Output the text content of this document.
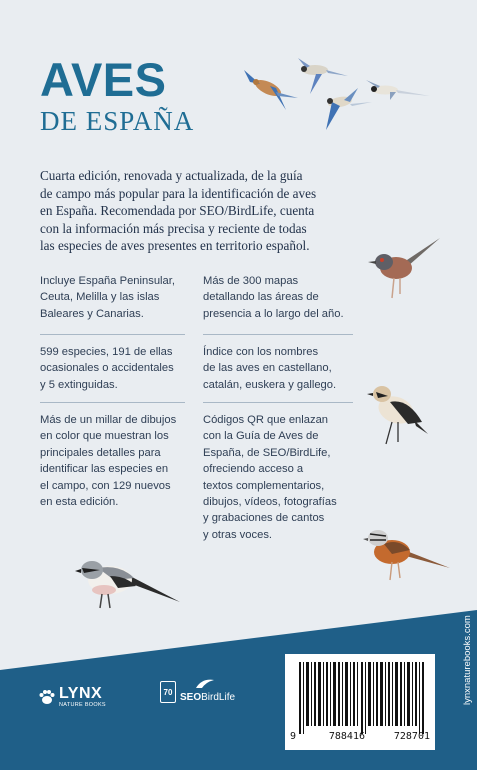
AVES
DE ESPAÑA
Cuarta edición, renovada y actualizada, de la guía
de campo más popular para la identificación de aves
en España. Recomendada por SEO/BirdLife, cuenta
con la información más precisa y reciente de todas
las especies de aves presentes en territorio español.
Incluye España Peninsular,
Ceuta, Melilla y las islas
Baleares y Canarias.
599 especies, 191 de ellas
ocasionales o accidentales
y 5 extinguidas.
Más de un millar de dibujos
en color que muestran los
principales detalles para
identificar las especies en
el campo, con 129 nuevos
en esta edición.
Más de 300 mapas
detallando las áreas de
presencia a lo largo del año.
Índice con los nombres
de las aves en castellano,
catalán, euskera y gallego.
Códigos QR que enlazan
con la Guía de Aves de
España, de SEO/BirdLife,
ofreciendo acceso a
textos complementarios,
dibujos, vídeos, fotografías
y grabaciones de cantos
y otras voces.
LYNX
NATURE BOOKS
70 SEOBirdLife
9	788416	728701
lynxnaturebooks.com
